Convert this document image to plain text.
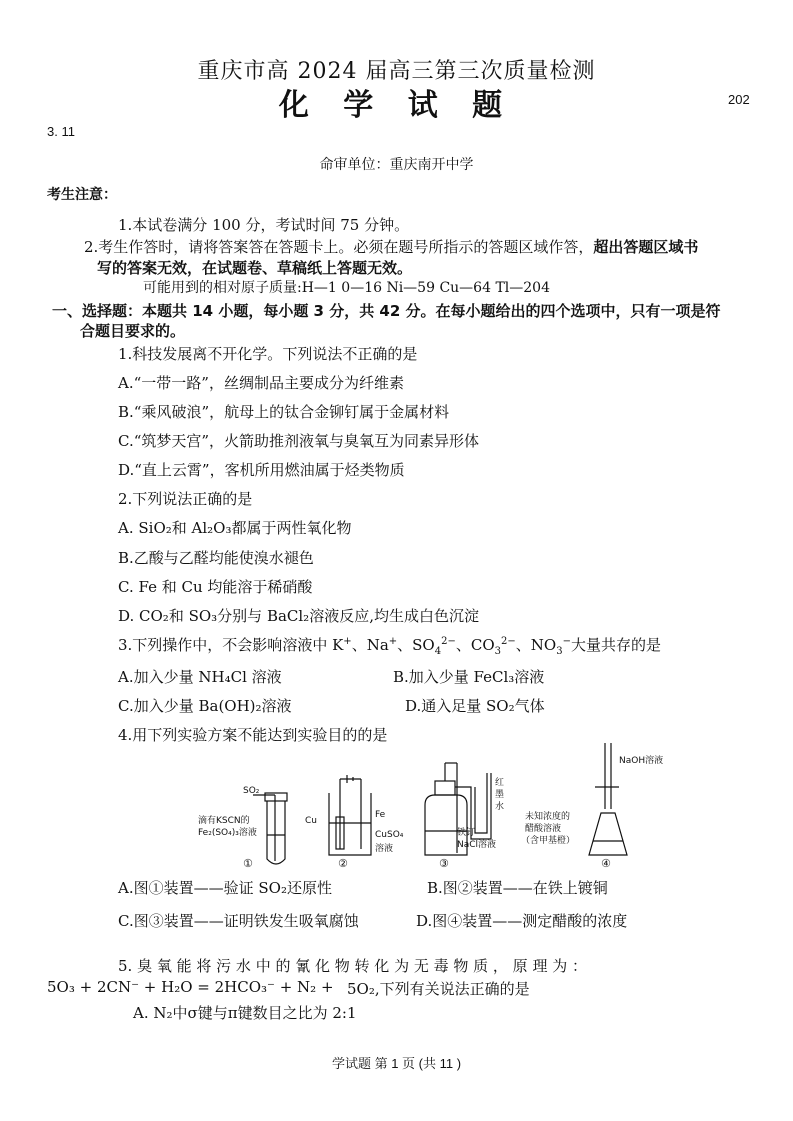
重庆市高 2024 届高三第三次质量检测
化 学 试 题	202
3. 11
命审单位：重庆南开中学
考生注意：
1.本试卷满分 100 分，考试时间 75 分钟。
2.考生作答时，请将答案答在答题卡上。必须在题号所指示的答题区域作答，超出答题区域书
写的答案无效，在试题卷、草稿纸上答题无效。
可能用到的相对原子质量:H—1 0—16 Ni—59 Cu—64 Tl—204
一、选择题：本题共 14 小题，每小题 3 分，共 42 分。在每小题给出的四个选项中，只有一项是符
合题目要求的。
1.科技发展离不开化学。下列说法不正确的是
A.“一带一路”，丝绸制品主要成分为纤维素
B.“乘风破浪”，航母上的钛合金铆钉属于金属材料
C.“筑梦天宫”，火箭助推剂液氧与臭氧互为同素异形体
D.“直上云霄”，客机所用燃油属于烃类物质
2.下列说法正确的是
A. SiO₂和 Al₂O₃都属于两性氧化物
B.乙酸与乙醛均能使溴水褪色
C. Fe 和 Cu 均能溶于稀硝酸
D. CO₂和 SO₃分别与 BaCl₂溶液反应,均生成白色沉淀
3.下列操作中，不会影响溶液中 K+、Na+、$SO_4^{2-}$、$CO_3^{2-}$、$NO_3^-$大量共存的是
A.加入少量 NH₄Cl 溶液	B.加入少量 FeCl₃溶液
C.加入少量 Ba(OH)₂溶液	D.通入足量 SO₂气体
4.用下列实验方案不能达到实验目的的是
SO₂
滴有KSCN的
Fe₂(SO₄)₃溶液
①
Cu
Fe
CuSO₄
溶液
②
红
墨
水
铁钉
NaCl溶液
③
NaOH溶液
未知浓度的
醋酸溶液
（含甲基橙）
④
A.图①装置——验证 SO₂还原性	B.图②装置——在铁上镀铜
C.图③装置——证明铁发生吸氧腐蚀	D.图④装置——测定醋酸的浓度
5. 臭 氧 能 将 污 水 中 的 氰 化 物 转 化 为 无 毒 物 质 ， 原 理 为 ：
5O₃ + 2CN⁻ + H₂O = 2HCO₃⁻ + N₂ + 5O₂,下列有关说法正确的是
A. N₂中σ键与π键数目之比为 2:1
学试题 第 1 页 (共 11 )
